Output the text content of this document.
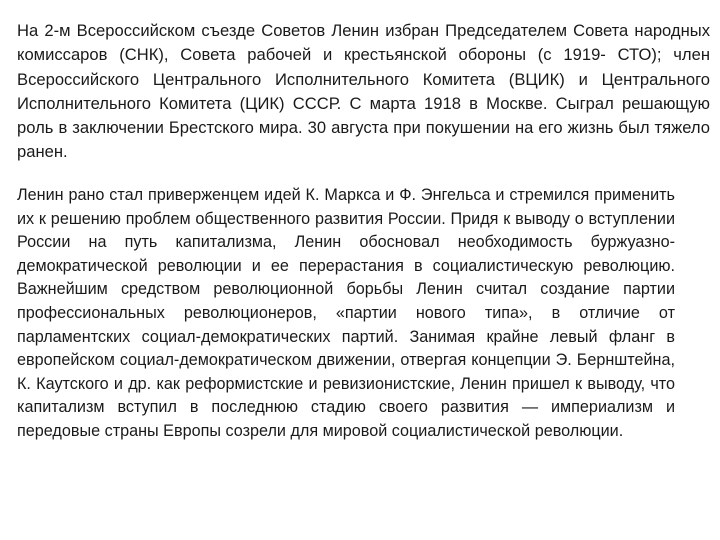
На 2-м Всероссийском съезде Советов Ленин избран Председателем Совета народных комиссаров (СНК), Совета рабочей и крестьянской обороны (с 1919- СТО); член Всероссийского Центрального Исполнительного Комитета (ВЦИК) и Центрального Исполнительного Комитета (ЦИК) СССР. С марта 1918 в Москве. Сыграл решающую роль в заключении Брестского мира. 30 августа при покушении на его жизнь был тяжело ранен.

Ленин рано стал приверженцем идей К. Маркса и Ф. Энгельса и стремился применить их к решению проблем общественного развития России. Придя к выводу о вступлении России на путь капитализма, Ленин обосновал необходимость буржуазно-демократической революции и ее перерастания в социалистическую революцию. Важнейшим средством революционной борьбы Ленин считал создание партии профессиональных революционеров, «партии нового типа», в отличие от парламентских социал-демократических партий. Занимая крайне левый фланг в европейском социал-демократическом движении, отвергая концепции Э. Бернштейна, К. Каутского и др. как реформистские и ревизионистские, Ленин пришел к выводу, что капитализм вступил в последнюю стадию своего развития — империализм и передовые страны Европы созрели для мировой социалистической революции.
